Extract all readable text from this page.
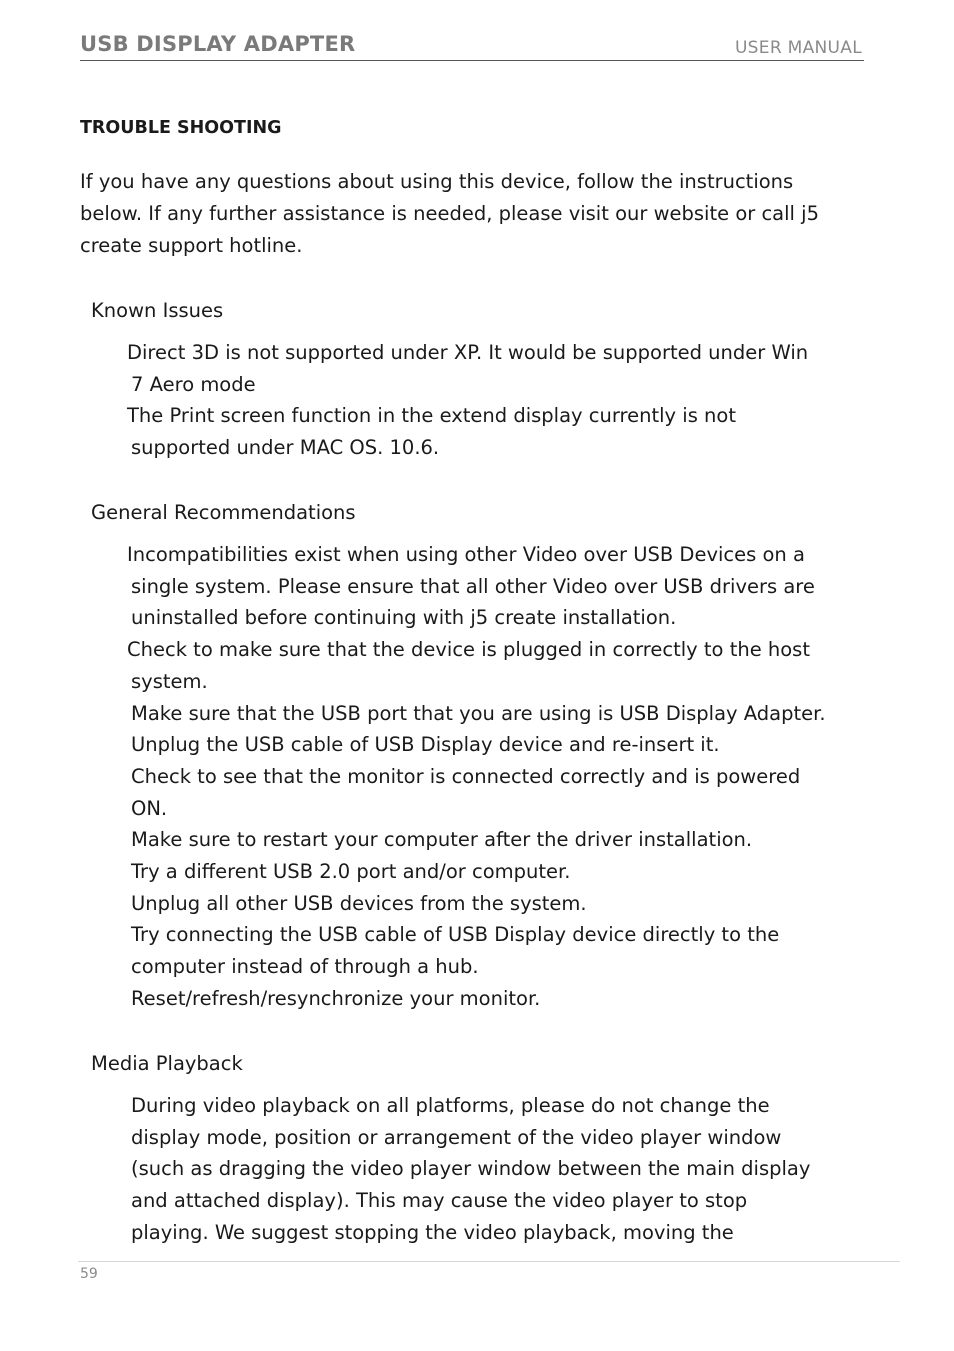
USB DISPLAY ADAPTER	USER MANUAL
TROUBLE SHOOTING
If you have any questions about using this device, follow the instructions
below. If any further assistance is needed, please visit our website or call j5
create support hotline.
Known Issues
Direct 3D is not supported under XP. It would be supported under Win
7 Aero mode
The Print screen function in the extend display currently is not
supported under MAC OS. 10.6.
General Recommendations
Incompatibilities exist when using other Video over USB Devices on a
single system. Please ensure that all other Video over USB drivers are
uninstalled before continuing with j5 create installation.
Check to make sure that the device is plugged in correctly to the host
system.
Make sure that the USB port that you are using is USB Display Adapter.
Unplug the USB cable of USB Display device and re-insert it.
Check to see that the monitor is connected correctly and is powered
ON.
Make sure to restart your computer after the driver installation.
Try a different USB 2.0 port and/or computer.
Unplug all other USB devices from the system.
Try connecting the USB cable of USB Display device directly to the
computer instead of through a hub.
Reset/refresh/resynchronize your monitor.
Media Playback
During video playback on all platforms, please do not change the
display mode, position or arrangement of the video player window
(such as dragging the video player window between the main display
and attached display). This may cause the video player to stop
playing. We suggest stopping the video playback, moving the
59
